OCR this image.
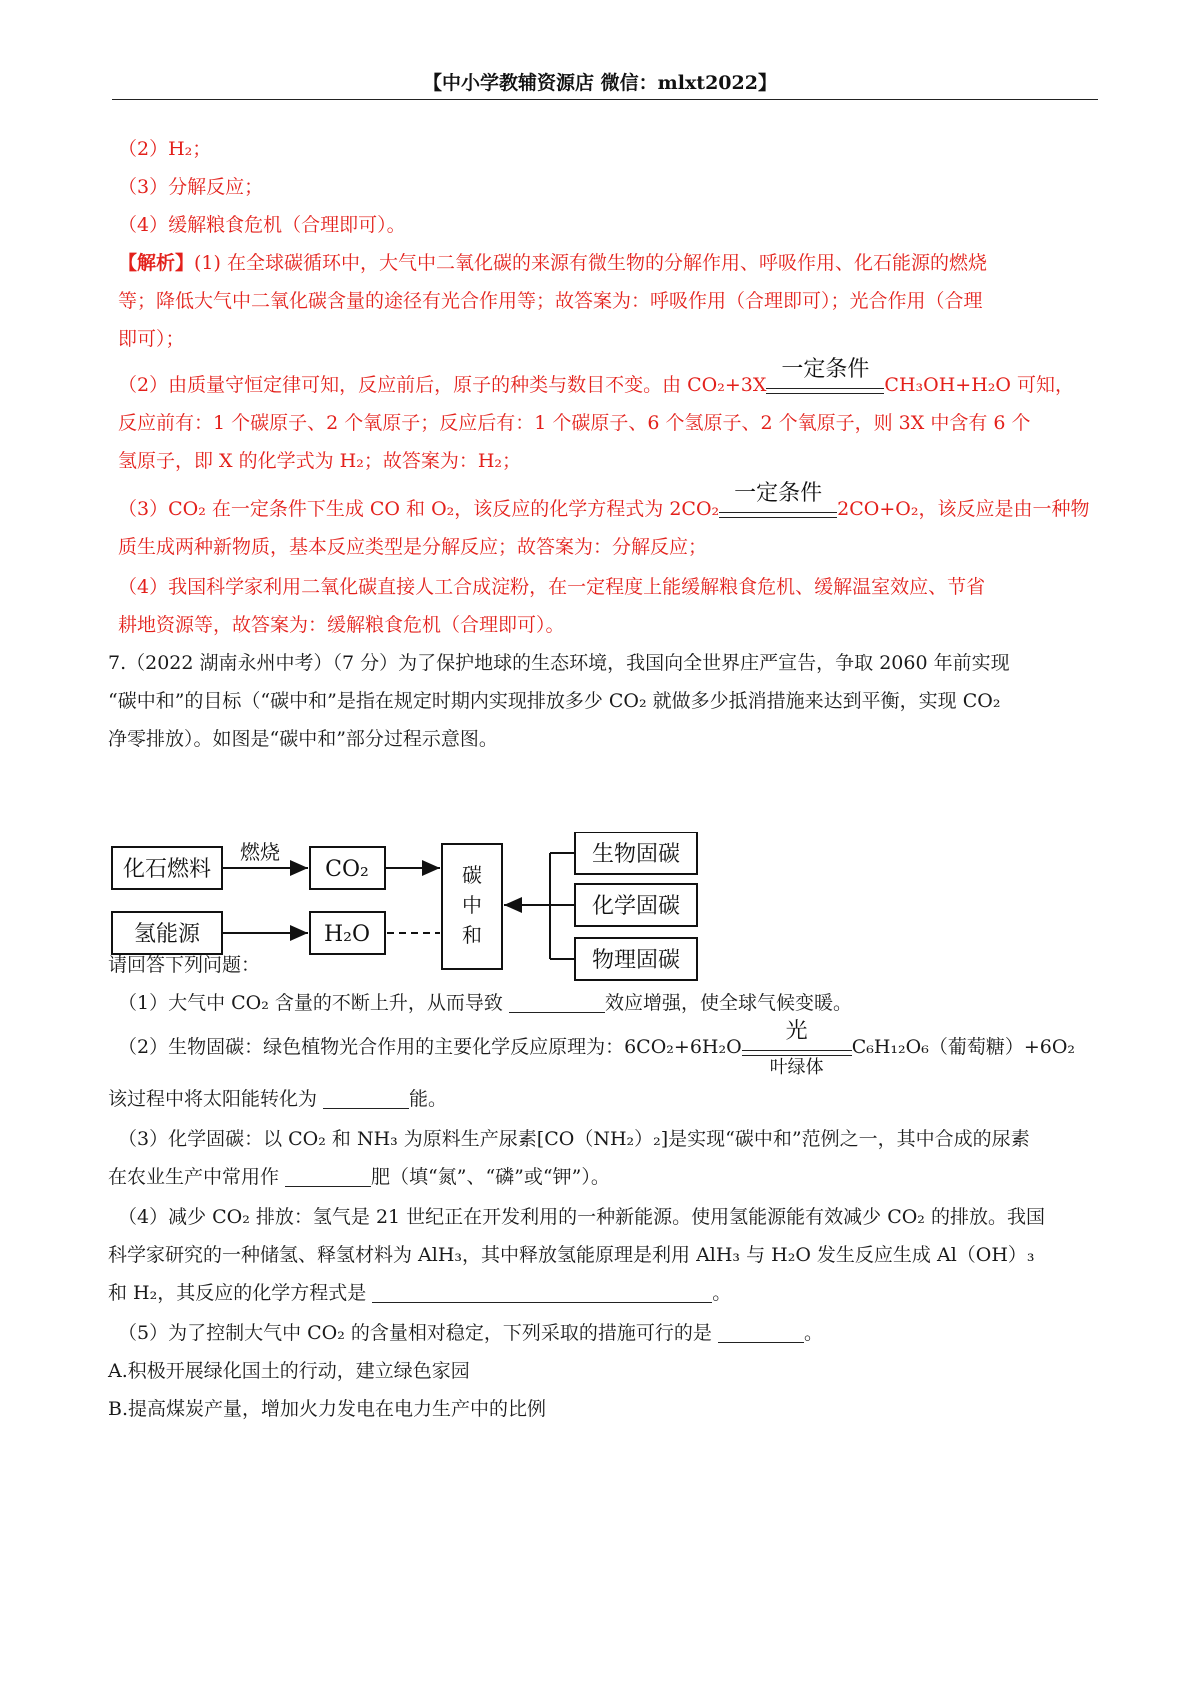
【中小学教辅资源店 微信：mlxt2022】
（2）H₂；
（3）分解反应；
（4）缓解粮食危机（合理即可）。
【解析】(1) 在全球碳循环中，大气中二氧化碳的来源有微生物的分解作用、呼吸作用、化石能源的燃烧
等；降低大气中二氧化碳含量的途径有光合作用等；故答案为：呼吸作用（合理即可）；光合作用（合理
即可）；
（2）由质量守恒定律可知，反应前后，原子的种类与数目不变。由 CO₂+3X
一定条件
CH₃OH+H₂O 可知，
反应前有：1 个碳原子、2 个氧原子；反应后有：1 个碳原子、6 个氢原子、2 个氧原子，则 3X 中含有 6 个
氢原子，即 X 的化学式为 H₂；故答案为：H₂；
（3）CO₂ 在一定条件下生成 CO 和 O₂，该反应的化学方程式为 2CO₂
一定条件
2CO+O₂，该反应是由一种物
质生成两种新物质，基本反应类型是分解反应；故答案为：分解反应；
（4）我国科学家利用二氧化碳直接人工合成淀粉，在一定程度上能缓解粮食危机、缓解温室效应、节省
耕地资源等，故答案为：缓解粮食危机（合理即可）。
7.（2022 湖南永州中考）（7 分）为了保护地球的生态环境，我国向全世界庄严宣告，争取 2060 年前实现
“碳中和”的目标（“碳中和”是指在规定时期内实现排放多少 CO₂ 就做多少抵消措施来达到平衡，实现 CO₂
净零排放）。如图是“碳中和”部分过程示意图。
化石燃料
燃烧
CO₂
氢能源	H₂O
碳
中
和
生物固碳
化学固碳
物理固碳
请回答下列问题：
（1）大气中 CO₂ 含量的不断上升，从而导致	效应增强，使全球气候变暖。
（2）生物固碳：绿色植物光合作用的主要化学反应原理为：6CO₂+6H₂O
光
叶绿体
C₆H₁₂O₆（葡萄糖）+6O₂
该过程中将太阳能转化为	能。
（3）化学固碳：以 CO₂ 和 NH₃ 为原料生产尿素[CO（NH₂）₂]是实现“碳中和”范例之一，其中合成的尿素
在农业生产中常用作	肥（填“氮”、“磷”或“钾”）。
（4）减少 CO₂ 排放：氢气是 21 世纪正在开发利用的一种新能源。使用氢能源能有效减少 CO₂ 的排放。我国
科学家研究的一种储氢、释氢材料为 AlH₃，其中释放氢能原理是利用 AlH₃ 与 H₂O 发生反应生成 Al（OH）₃
和 H₂，其反应的化学方程式是	。
（5）为了控制大气中 CO₂ 的含量相对稳定，下列采取的措施可行的是	。
A.积极开展绿化国土的行动，建立绿色家园
B.提高煤炭产量，增加火力发电在电力生产中的比例
